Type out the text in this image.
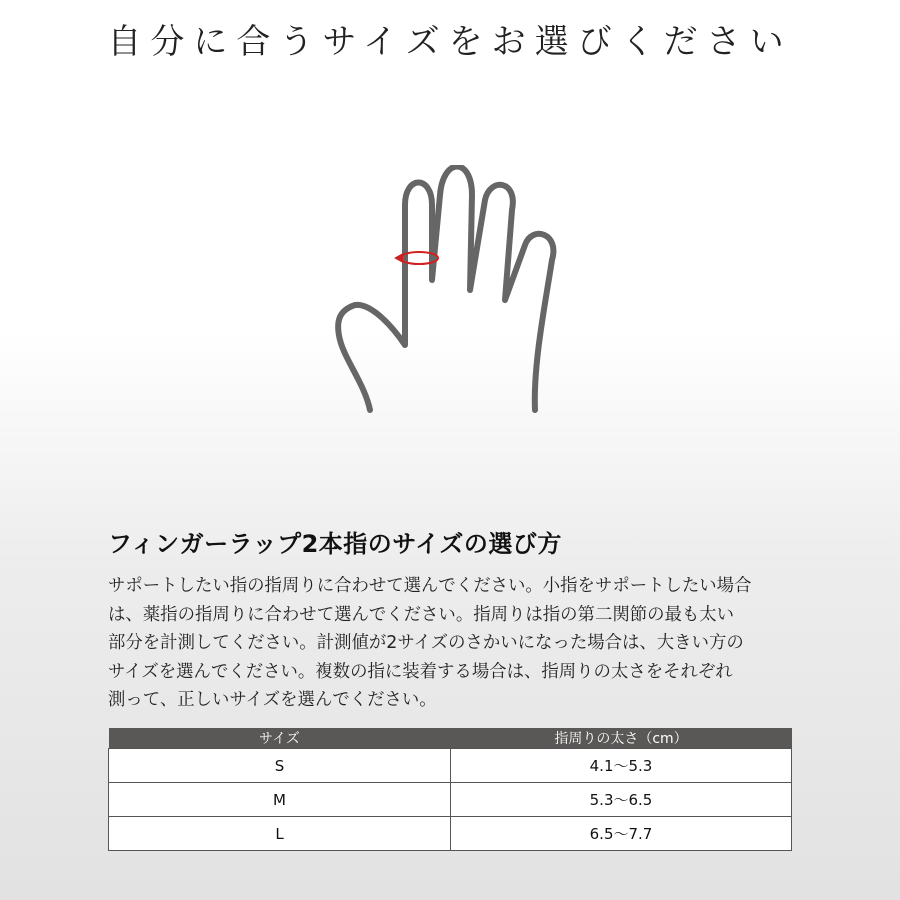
自分に合うサイズをお選びください
フィンガーラップ2本指のサイズの選び方
サポートしたい指の指周りに合わせて選んでください。小指をサポートしたい場合
は、薬指の指周りに合わせて選んでください。指周りは指の第二関節の最も太い
部分を計測してください。計測値が2サイズのさかいになった場合は、大きい方の
サイズを選んでください。複数の指に装着する場合は、指周りの太さをそれぞれ
測って、正しいサイズを選んでください。
サイズ	指周りの太さ（cm）
S	4.1〜5.3
M	5.3〜6.5
L	6.5〜7.7
